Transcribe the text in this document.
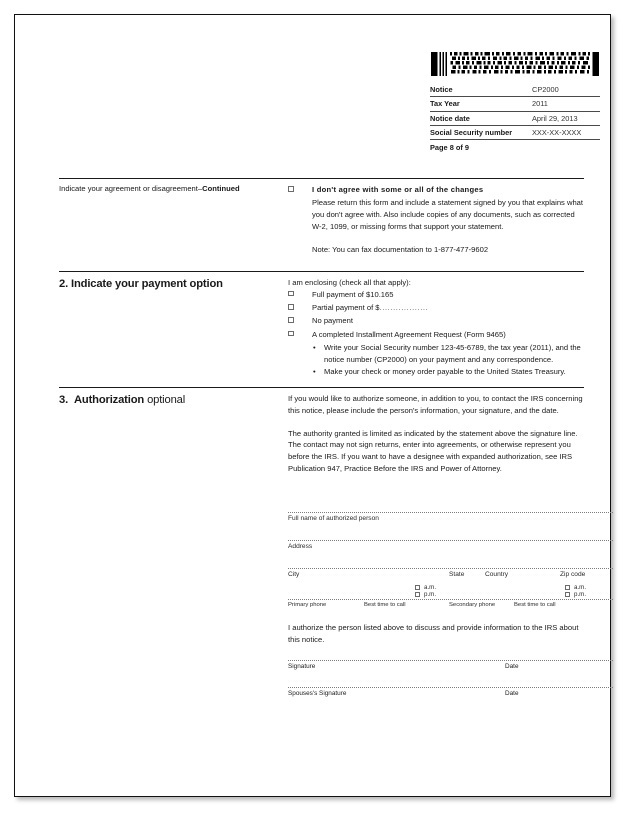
Notice	CP2000
Tax Year	2011
Notice date	April 29, 2013
Social Security number	XXX-XX-XXXX
Page 8 of 9	
Indicate your agreement or disagreement–Continued	I don't agree with some or all of the changes

Please return this form and include a statement signed by you that explains what you don't agree with. Also include copies of any documents, such as corrected W-2, 1099, or missing forms that support your statement.

Note: You can fax documentation to 1-877-477-9602

2. Indicate your payment option	I am enclosing (check all that apply):

Full payment of $10.165
Partial payment of $..................
No payment
A completed Installment Agreement Request (Form 9465)
• Write your Social Security number 123-45-6789, the tax year (2011), and the notice number (CP2000) on your payment and any correspondence.
• Make your check or money order payable to the United States Treasury.
3. Authorization optional	If you would like to authorize someone, in addition to you, to contact the IRS concerning this notice, please include the person's information, your signature, and the date.

The authority granted is limited as indicated by the statement above the signature line. The contact may not sign returns, enter into agreements, or otherwise represent you before the IRS. If you want to have a designee with expanded authorization, see IRS Publication 947, Practice Before the IRS and Power of Attorney.

Full name of authorized person
Address
City	State	Country	Zip code
a.m.
p.m.
a.m.
p.m.
Primary phone	Best time to call	Secondary phone	Best time to call
I authorize the person listed above to discuss and provide information to the IRS about this notice.
Signature	Date
Spouses's Signature	Date
